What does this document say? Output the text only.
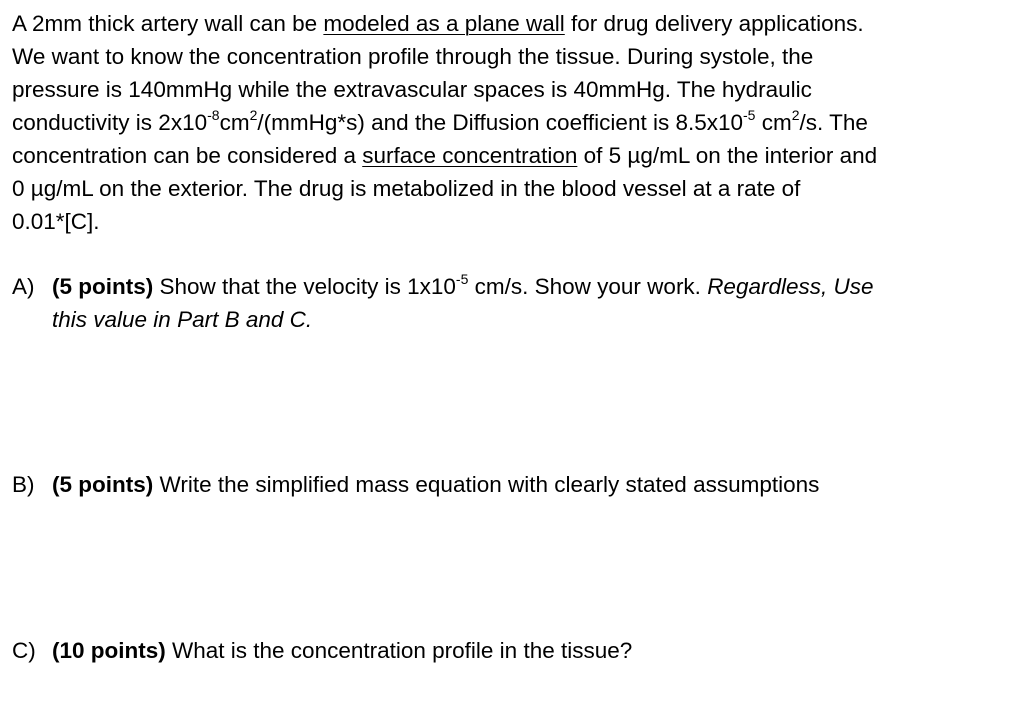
A 2mm thick artery wall can be modeled as a plane wall for drug delivery applications.
We want to know the concentration profile through the tissue. During systole, the
pressure is 140mmHg while the extravascular spaces is 40mmHg. The hydraulic
conductivity is $2x10^{-8}cm^2/(mmHg*s)$ and the Diffusion coefficient is $8.5x10^{-5}$ $cm^2/s$. The
concentration can be considered a surface concentration of 5 µg/mL on the interior and
0 µg/mL on the exterior. The drug is metabolized in the blood vessel at a rate of
0.01*[C].
A) (5 points) Show that the velocity is $1x10^{-5}$ cm/s. Show your work. Regardless, Use
this value in Part B and C.
B) (5 points) Write the simplified mass equation with clearly stated assumptions
C) (10 points) What is the concentration profile in the tissue?
